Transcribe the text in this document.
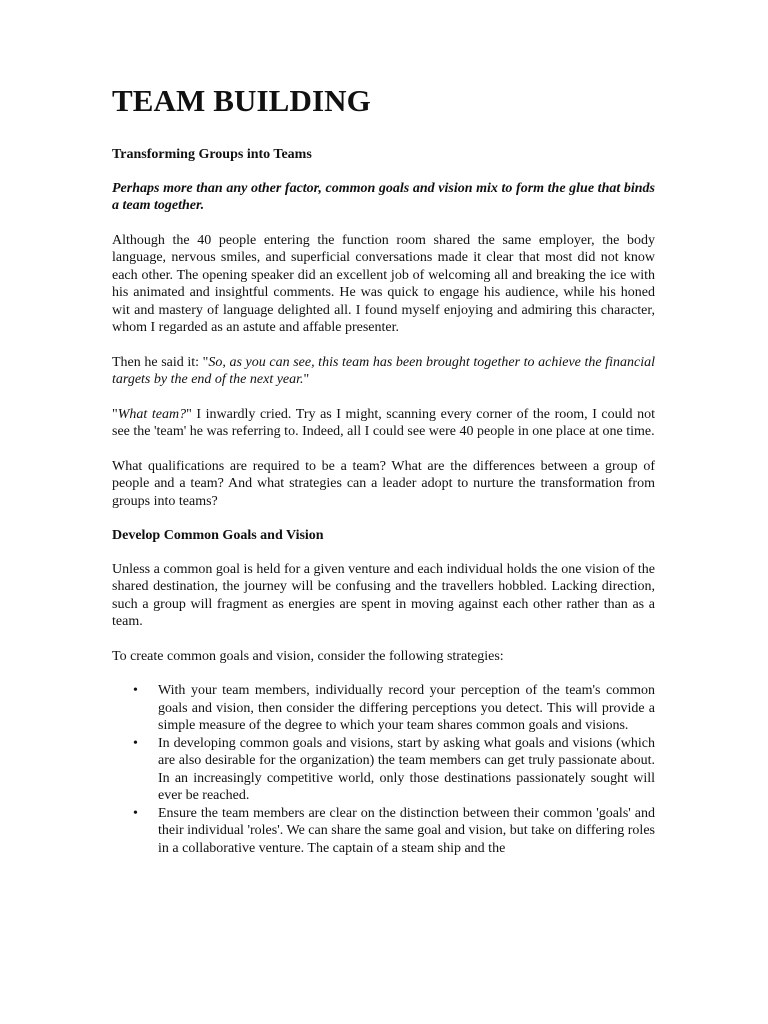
TEAM BUILDING

Transforming Groups into Teams

Perhaps more than any other factor, common goals and vision mix to form the glue that binds a team together.

Although the 40 people entering the function room shared the same employer, the body language, nervous smiles, and superficial conversations made it clear that most did not know each other. The opening speaker did an excellent job of welcoming all and breaking the ice with his animated and insightful comments. He was quick to engage his audience, while his honed wit and mastery of language delighted all. I found myself enjoying and admiring this character, whom I regarded as an astute and affable presenter.

Then he said it: "So, as you can see, this team has been brought together to achieve the financial targets by the end of the next year."

"What team?" I inwardly cried. Try as I might, scanning every corner of the room, I could not see the 'team' he was referring to. Indeed, all I could see were 40 people in one place at one time.

What qualifications are required to be a team? What are the differences between a group of people and a team? And what strategies can a leader adopt to nurture the transformation from groups into teams?

Develop Common Goals and Vision

Unless a common goal is held for a given venture and each individual holds the one vision of the shared destination, the journey will be confusing and the travellers hobbled. Lacking direction, such a group will fragment as energies are spent in moving against each other rather than as a team.

To create common goals and vision, consider the following strategies:

• With your team members, individually record your perception of the team's common goals and vision, then consider the differing perceptions you detect. This will provide a simple measure of the degree to which your team shares common goals and visions.
• In developing common goals and visions, start by asking what goals and visions (which are also desirable for the organization) the team members can get truly passionate about. In an increasingly competitive world, only those destinations passionately sought will ever be reached.
• Ensure the team members are clear on the distinction between their common 'goals' and their individual 'roles'. We can share the same goal and vision, but take on differing roles in a collaborative venture. The captain of a steam ship and the
